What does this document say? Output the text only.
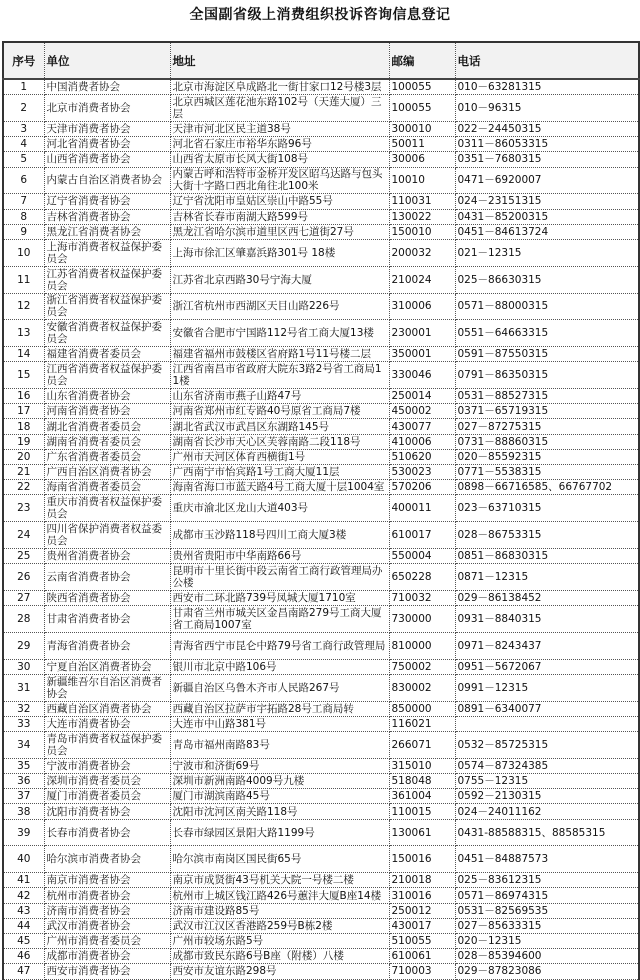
全国副省级上消费组织投诉咨询信息登记
序号	单位	地址	邮编	电话
1	中国消费者协会	北京市海淀区阜成路北一街甘家口12号楼3层	100055	010－63281315
2	北京市消费者协会	北京西城区莲花池东路102号（天莲大厦）三层	100055	010－96315
3	天津市消费者协会	天津市河北区民主道38号	300010	022－24450315
4	河北省消费者协会	河北省石家庄市裕华东路96号	50011	0311－86053315
5	山西省消费者协会	山西省太原市长风大街108号	30006	0351－7680315
6	内蒙古自治区消费者协会	内蒙古呼和浩特市金桥开发区昭乌达路与包头大街十字路口西北角往北100米	10010	0471－6920007
7	辽宁省消费者协会	辽宁省沈阳市皇姑区崇山中路55号	110031	024－23151315
8	吉林省消费者协会	吉林省长春市南湖大路599号	130022	0431－85200315
9	黑龙江省消费者协会	黑龙江省哈尔滨市道里区西七道街27号	150010	0451－84613724
10	上海市消费者权益保护委员会	上海市徐汇区肇嘉浜路301号 18楼	200032	021－12315
11	江苏省消费者权益保护委员会	江苏省北京西路30号宁海大厦	210024	025－86630315
12	浙江省消费者权益保护委员会	浙江省杭州市西湖区天目山路226号	310006	0571－88000315
13	安徽省消费者权益保护委员会	安徽省合肥市宁国路112号省工商大厦13楼	230001	0551－64663315
14	福建省消费者委员会	福建省福州市鼓楼区省府路1号11号楼二层	350001	0591－87550315
15	江西省消费者权益保护委员会	江西省南昌市省政府大院东3路2号省工商局11楼	330046	0791－86350315
16	山东省消费者协会	山东省济南市燕子山路47号	250014	0531－88527315
17	河南省消费者协会	河南省郑州市红专路40号原省工商局7楼	450002	0371－65719315
18	湖北省消费者委员会	湖北省武汉市武昌区东湖路145号	430077	027－87275315
19	湖南省消费者委员会	湖南省长沙市天心区芙蓉南路二段118号	410006	0731－88860315
20	广东省消费者委员会	广州市天河区体育西横街1号	510620	020－85592315
21	广西自治区消费者协会	广西南宁市怡宾路1号工商大厦11层	530023	0771－5538315
22	海南省消费者委员会	海南省海口市蓝天路4号工商大厦十层1004室	570206	0898－66716585、66767702
23	重庆市消费者权益保护委员会	重庆市渝北区龙山大道403号	400011	023－63710315
24	四川省保护消费者权益委员会	成都市玉沙路118号四川工商大厦3楼	610017	028－86753315
25	贵州省消费者协会	贵州省贵阳市中华南路66号	550004	0851－86830315
26	云南省消费者协会	昆明市十里长街中段云南省工商行政管理局办公楼	650228	0871－12315
27	陕西省消费者协会	西安市二环北路739号凤城大厦1710室	710032	029－86138452
28	甘肃省消费者协会	甘肃省兰州市城关区金昌南路279号工商大厦省工商局1007室	730000	0931－8840315
29	青海省消费者协会	青海省西宁市昆仑中路79号省工商行政管理局	810000	0971－8243437
30	宁夏自治区消费者协会	银川市北京中路106号	750002	0951－5672067
31	新疆维吾尔自治区消费者协会	新疆自治区乌鲁木齐市人民路267号	830002	0991－12315
32	西藏自治区消费者协会	西藏自治区拉萨市宇拓路28号工商局转	850000	0891－6340077
33	大连市消费者协会	大连市中山路381号	116021	
34	青岛市消费者权益保护委员会	青岛市福州南路83号	266071	0532－85725315
35	宁波市消费者协会	宁波市和济街69号	315010	0574－87324385
36	深圳市消费者委员会	深圳市新洲南路4009号九楼	518048	0755－12315
37	厦门市消费者委员会	厦门市湖滨南路45号	361004	0592－2130315
38	沈阳市消费者协会	沈阳市沈河区南关路118号	110015	024－24011162
39	长春市消费者协会	长春市绿园区景阳大路1199号	130061	0431-88588315、88585315
40	哈尔滨市消费者协会	哈尔滨市南岗区国民街65号	150016	0451－84887573
41	南京市消费者协会	南京市成贤街43号机关大院一号楼二楼	210018	025－83612315
42	杭州市消费者协会	杭州市上城区钱江路426号蕙沣大厦B座14楼	310016	0571－86974315
43	济南市消费者协会	济南市建设路85号	250012	0531－82569535
44	武汉市消费者协会	武汉市江汉区香港路259号B栋2楼	430017	027－85633315
45	广州市消费者委员会	广州市较场东路5号	510055	020－12315
46	成都市消费者协会	成都市致民东路6号B座（附楼）八楼	610061	028－85394600
47	西安市消费者协会	西安市友谊东路298号	710003	029－87823086
